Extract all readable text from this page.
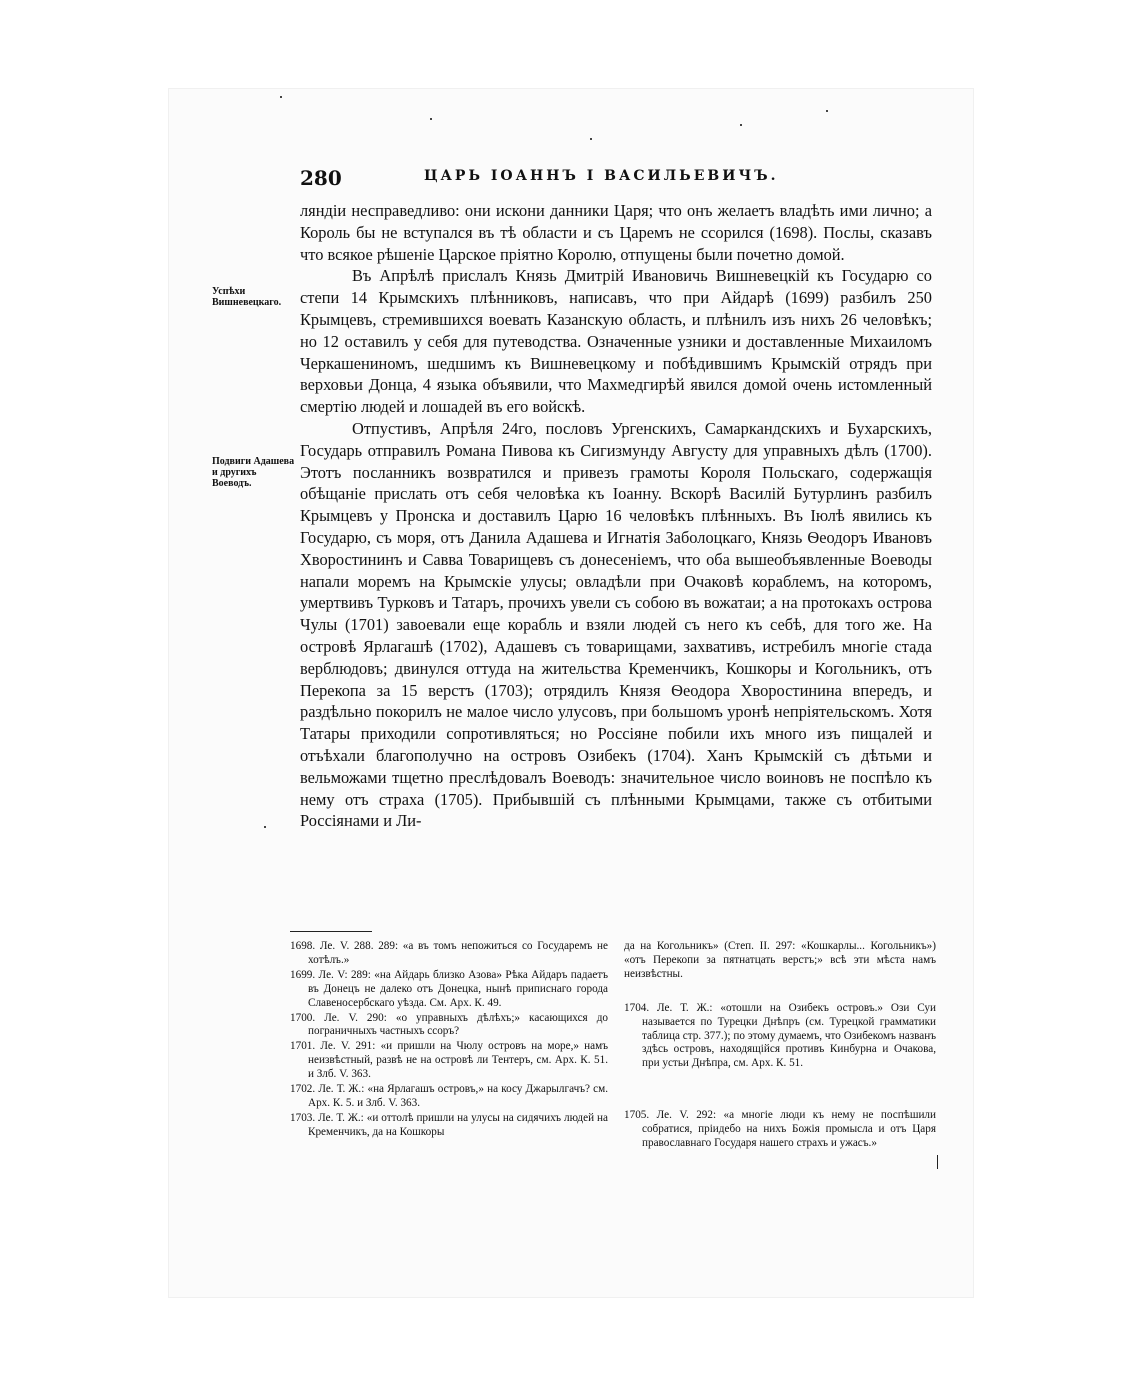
280	ЦАРЬ ІОАННЪ І ВАСИЛЬЕВИЧЪ.
Успѣхи Вишневецкаго.
Подвиги Адашева и другихъ Воеводъ.

ляндіи несправедливо: они искони данники Царя; что онъ желаетъ владѣть ими лично; а Король бы не вступался въ тѣ области и съ Царемъ не ссорился (1698). Послы, сказавъ что всякое рѣшеніе Царское пріятно Королю, отпущены были почетно домой.

Въ Апрѣлѣ прислалъ Князь Дмитрій Ивановичь Вишневецкій къ Государю со степи 14 Крымскихъ плѣнниковъ, написавъ, что при Айдарѣ (1699) разбилъ 250 Крымцевъ, стремившихся воевать Казанскую область, и плѣнилъ изъ нихъ 26 человѣкъ; но 12 оставилъ у себя для путеводства. Означенные узники и доставленные Михаиломъ Черкашениномъ, шедшимъ къ Вишневецкому и побѣдившимъ Крымскій отрядъ при верховьи Донца, 4 языка объявили, что Махмедгирѣй явился домой очень истомленный смертію людей и лошадей въ его войскѣ.

Отпустивъ, Апрѣля 24го, пословъ Ургенскихъ, Самаркандскихъ и Бухарскихъ, Государь отправилъ Романа Пивова къ Сигизмунду Августу для управныхъ дѣлъ (1700). Этотъ посланникъ возвратился и привезъ грамоты Короля Польскаго, содержащія обѣщаніе прислать отъ себя человѣка къ Іоанну. Вскорѣ Василій Бутурлинъ разбилъ Крымцевъ у Пронска и доставилъ Царю 16 человѣкъ плѣнныхъ. Въ Іюлѣ явились къ Государю, съ моря, отъ Данила Адашева и Игнатія Заболоцкаго, Князь Ѳеодоръ Ивановъ Хворостининъ и Савва Товарищевъ съ донесеніемъ, что оба вышеобъявленные Воеводы напали моремъ на Крымскіе улусы; овладѣли при Очаковѣ кораблемъ, на которомъ, умертвивъ Турковъ и Татаръ, прочихъ увели съ собою въ вожатаи; а на протокахъ острова Чулы (1701) завоевали еще корабль и взяли людей съ него къ себѣ, для того же. На островѣ Ярлагашѣ (1702), Адашевъ съ товарищами, захвативъ, истребилъ многіе стада верблюдовъ; двинулся оттуда на жительства Кременчикъ, Кошкоры и Когольникъ, отъ Перекопа за 15 верстъ (1703); отрядилъ Князя Ѳеодора Хворостинина впередъ, и раздѣльно покорилъ не малое число улусовъ, при большомъ уронѣ непріятельскомъ. Хотя Татары приходили сопротивляться; но Россіяне побили ихъ много изъ пищалей и отъѣхали благополучно на островъ Озибекъ (1704). Ханъ Крымскій съ дѣтьми и вельможами тщетно преслѣдовалъ Воеводъ: значительное число воиновъ не поспѣло къ нему отъ страха (1705). Прибывшій съ плѣнными Крымцами, также съ отбитыми Россіянами и Ли-

1698. Ле. V. 288. 289: «а въ томъ непожиться со Государемъ не хотѣлъ.»

1699. Ле. V: 289: «на Айдарь близко Азова» Рѣка Айдаръ падаетъ въ Донецъ не далеко отъ Донецка, нынѣ приписнаго города Славеносербскаго уѣзда. См. Арх. К. 49.

1700. Ле. V. 290: «о управныхъ дѣлѣхъ;» касающихся до пограничныхъ частныхъ ссоръ?

1701. Ле. V. 291: «и пришли на Чюлу островъ на море,» намъ неизвѣстный, развѣ не на островѣ ли Тентеръ, см. Арх. К. 51. и Злб. V. 363.

1702. Ле. Т. Ж.: «на Ярлагашъ островъ,» на косу Джарылгачъ? см. Арх. К. 5. и Злб. V. 363.

1703. Ле. Т. Ж.: «и оттолѣ пришли на улусы на сидячихъ людей на Кременчикъ, да на Кошкоры

да на Когольникъ» (Степ. II. 297: «Кошкарлы... Когольникъ») «отъ Перекопи за пятнатцать верстъ;» всѣ эти мѣста намъ неизвѣстны.

1704. Ле. Т. Ж.: «отошли на Озибекъ островъ.» Ози Суи называется по Турецки Днѣпръ (см. Турецкой грамматики таблица стр. 377.); по этому думаемъ, что Озибекомъ названъ здѣсь островъ, находящійся противъ Кинбурна и Очакова, при устьи Днѣпра, см. Арх. К. 51.

1705. Ле. V. 292: «а многіе люди къ нему не поспѣшили собратися, пріидебо на нихъ Божія промысла и отъ Царя православнаго Государя нашего страхъ и ужасъ.»
